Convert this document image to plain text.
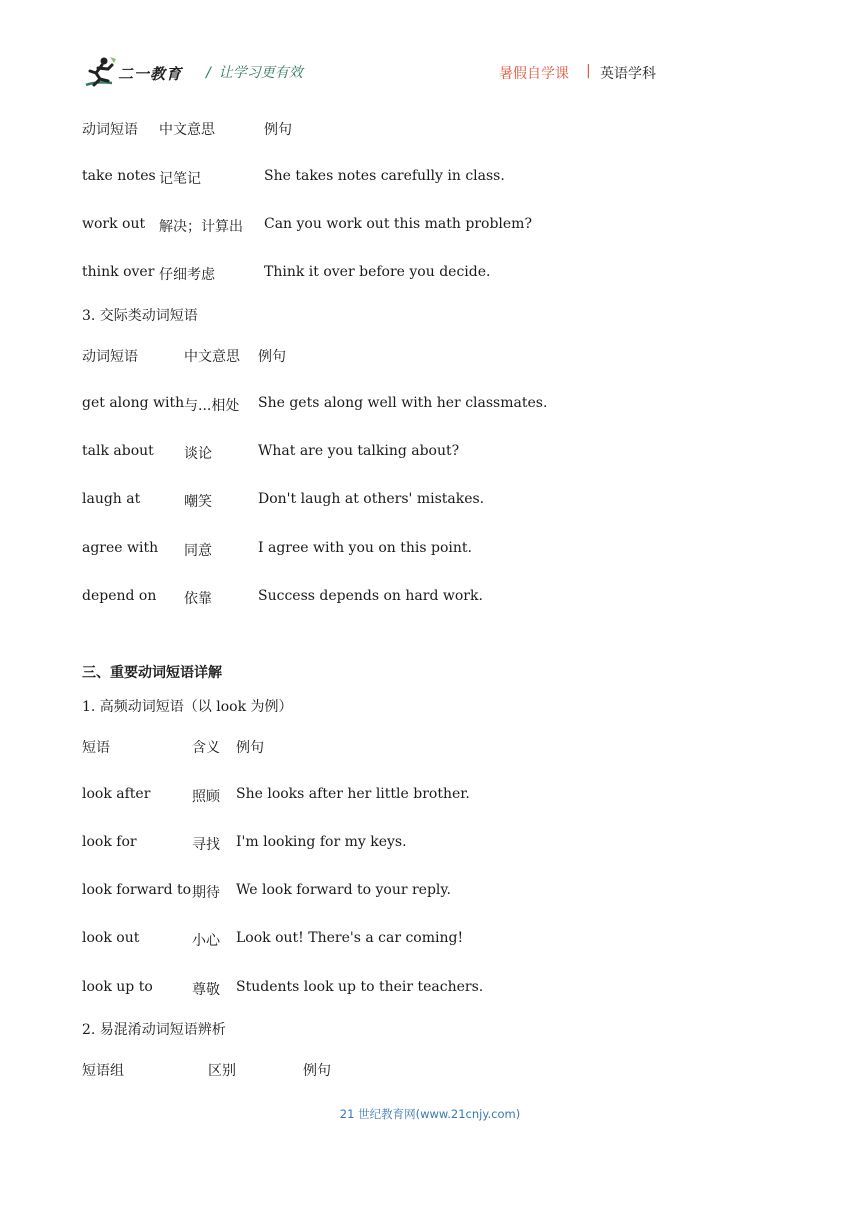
二一教育 / 让学习更有效	暑假自学课 | 英语学科
动词短语 中文意思	例句
take notes 记笔记	She takes notes carefully in class.
work out 解决；计算出 Can you work out this math problem?
think over 仔细考虑	Think it over before you decide.
3. 交际类动词短语
动词短语	中文意思 例句
get along with 与...相处 She gets along well with her classmates.
talk about 谈论	What are you talking about?
laugh at	嘲笑	Don't laugh at others' mistakes.
agree with 同意	I agree with you on this point.
depend on 依靠	Success depends on hard work.
三、重要动词短语详解
1. 高频动词短语（以 look 为例）
短语	含义 例句
look after	照顾 She looks after her little brother.
look for	寻找 I'm looking for my keys.
look forward to 期待 We look forward to your reply.
look out	小心 Look out! There's a car coming!
look up to	尊敬 Students look up to their teachers.
2. 易混淆动词短语辨析
短语组	区别	例句
21 世纪教育网(www.21cnjy.com)
